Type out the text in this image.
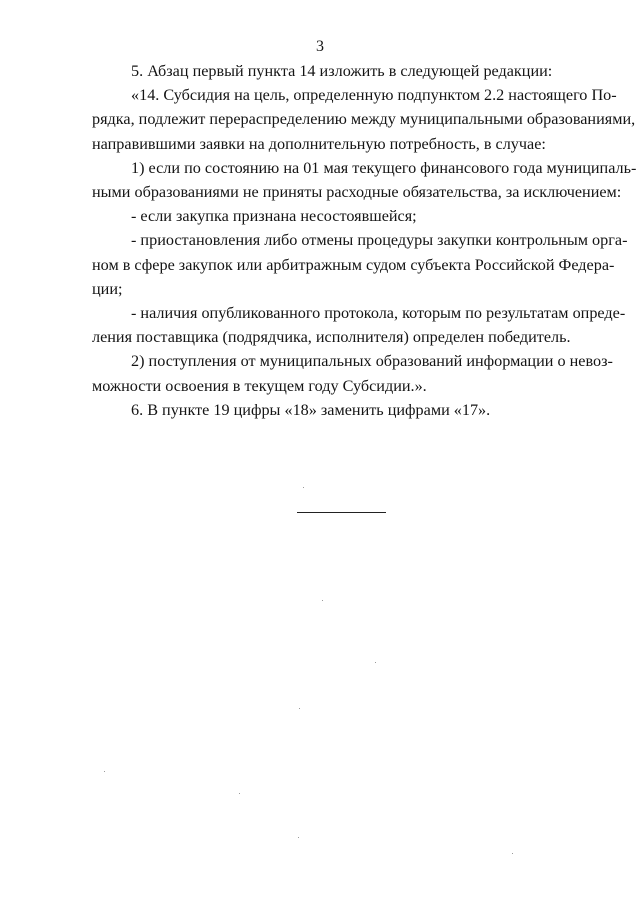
3

5. Абзац первый пункта 14 изложить в следующей редакции:

«14. Субсидия на цель, определенную подпунктом 2.2 настоящего По-
рядка, подлежит перераспределению между муниципальными образованиями,
направившими заявки на дополнительную потребность, в случае:

1) если по состоянию на 01 мая текущего финансового года муниципаль-
ными образованиями не приняты расходные обязательства, за исключением:

- если закупка признана несостоявшейся;

- приостановления либо отмены процедуры закупки контрольным орга-
ном в сфере закупок или арбитражным судом субъекта Российской Федера-
ции;

- наличия опубликованного протокола, которым по результатам опреде-
ления поставщика (подрядчика, исполнителя) определен победитель.

2) поступления от муниципальных образований информации о невоз-
можности освоения в текущем году Субсидии.».

6. В пункте 19 цифры «18» заменить цифрами «17».
